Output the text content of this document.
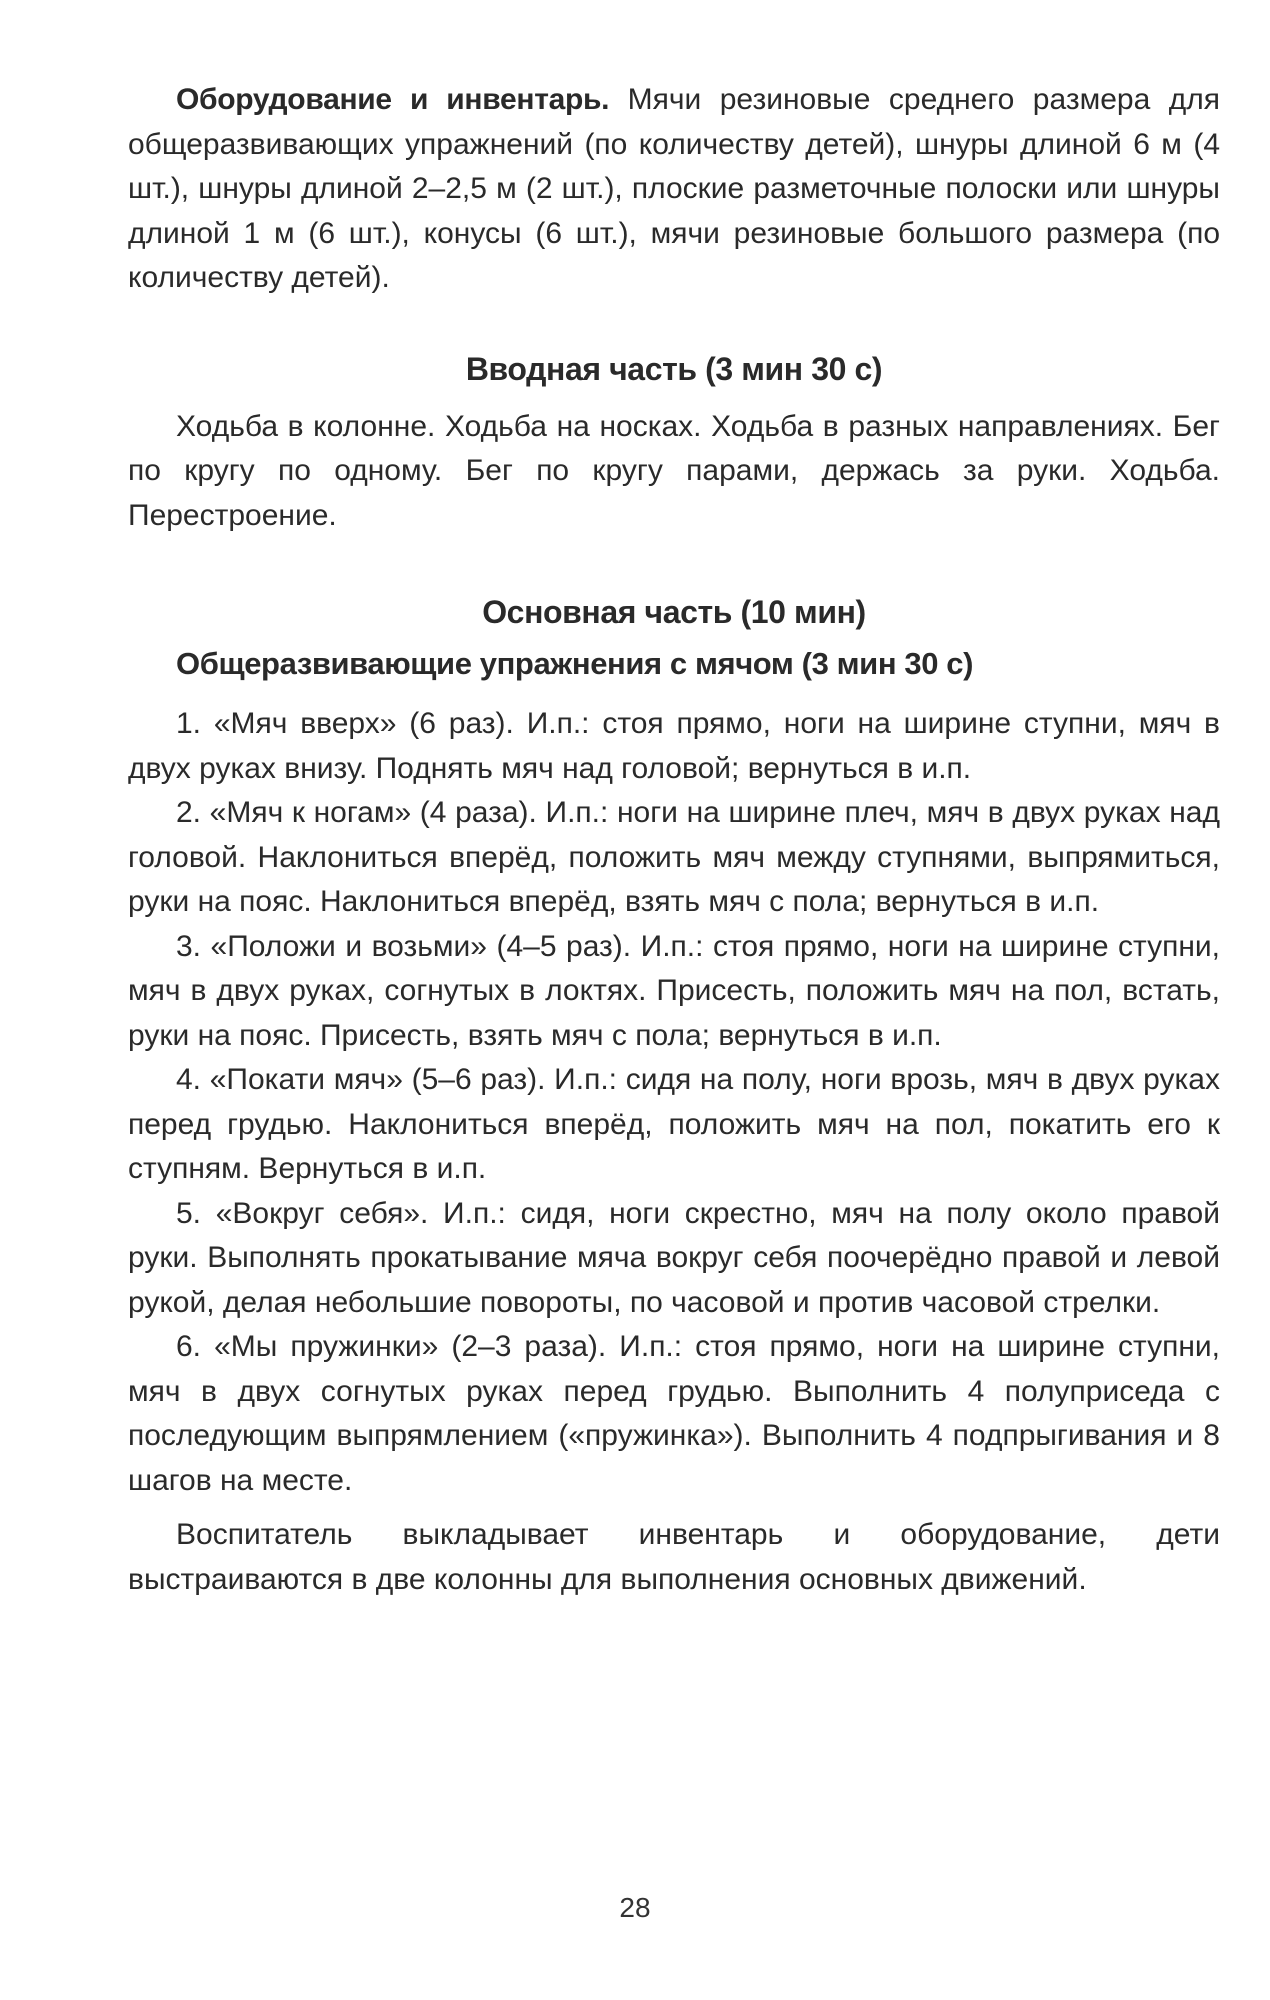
Оборудование и инвентарь. Мячи резиновые среднего размера для общеразвивающих упражнений (по количеству детей), шнуры длиной 6 м (4 шт.), шнуры длиной 2–2,5 м (2 шт.), плоские разметочные полоски или шнуры длиной 1 м (6 шт.), конусы (6 шт.), мячи резиновые большого размера (по количеству детей).

Вводная часть (3 мин 30 с)

Ходьба в колонне. Ходьба на носках. Ходьба в разных направлениях. Бег по кругу по одному. Бег по кругу парами, держась за руки. Ходьба. Перестроение.

Основная часть (10 мин)
Общеразвивающие упражнения с мячом (3 мин 30 с)

1. «Мяч вверх» (6 раз). И.п.: стоя прямо, ноги на ширине ступни, мяч в двух руках внизу. Поднять мяч над головой; вернуться в и.п.

2. «Мяч к ногам» (4 раза). И.п.: ноги на ширине плеч, мяч в двух руках над головой. Наклониться вперёд, положить мяч между ступнями, выпрямиться, руки на пояс. Наклониться вперёд, взять мяч с пола; вернуться в и.п.

3. «Положи и возьми» (4–5 раз). И.п.: стоя прямо, ноги на ширине ступни, мяч в двух руках, согнутых в локтях. Присесть, положить мяч на пол, встать, руки на пояс. Присесть, взять мяч с пола; вернуться в и.п.

4. «Покати мяч» (5–6 раз). И.п.: сидя на полу, ноги врозь, мяч в двух руках перед грудью. Наклониться вперёд, положить мяч на пол, покатить его к ступням. Вернуться в и.п.

5. «Вокруг себя». И.п.: сидя, ноги скрестно, мяч на полу около правой руки. Выполнять прокатывание мяча вокруг себя поочерёдно правой и левой рукой, делая небольшие повороты, по часовой и против часовой стрелки.

6. «Мы пружинки» (2–3 раза). И.п.: стоя прямо, ноги на ширине ступни, мяч в двух согнутых руках перед грудью. Выполнить 4 полуприседа с последующим выпрямлением («пружинка»). Выполнить 4 подпрыгивания и 8 шагов на месте.

Воспитатель выкладывает инвентарь и оборудование, дети выстраиваются в две колонны для выполнения основных движений.

28
